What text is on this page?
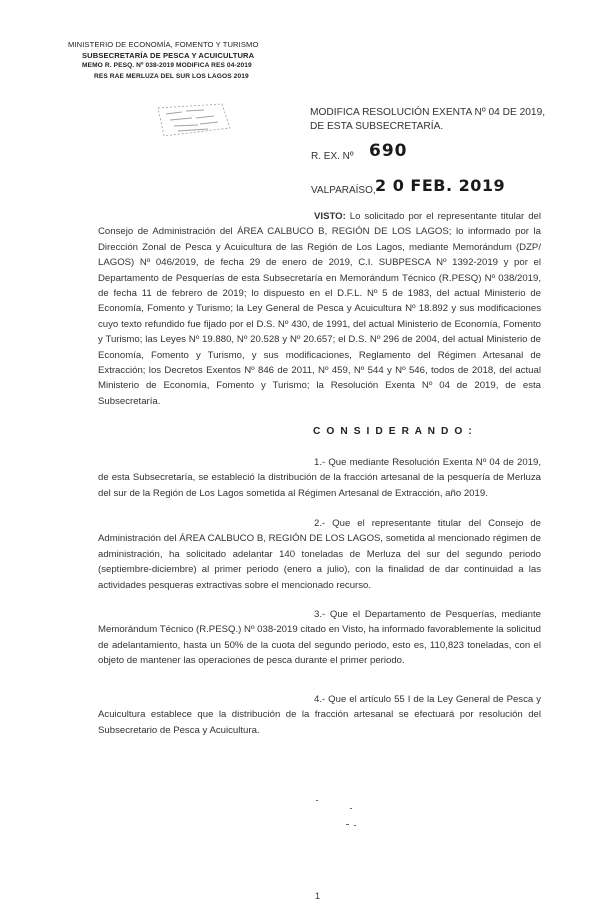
MINISTERIO DE ECONOMÍA, FOMENTO Y TURISMO
SUBSECRETARÍA DE PESCA Y ACUICULTURA
MEMO R. PESQ. Nº 038-2019 MODIFICA RES 04-2019
RES RAE MERLUZA DEL SUR LOS LAGOS 2019
MODIFICA RESOLUCIÓN EXENTA Nº 04 DE 2019, DE ESTA SUBSECRETARÍA.
R. EX. Nº 690
VALPARAÍSO, 2 0 FEB. 2019
VISTO: Lo solicitado por el representante titular del Consejo de Administración del ÁREA CALBUCO B, REGIÓN DE LOS LAGOS; lo informado por la Dirección Zonal de Pesca y Acuicultura de las Región de Los Lagos, mediante Memorándum (DZP/ LAGOS) Nº 046/2019, de fecha 29 de enero de 2019, C.I. SUBPESCA Nº 1392-2019 y por el Departamento de Pesquerías de esta Subsecretaría en Memorándum Técnico (R.PESQ) Nº 038/2019, de fecha 11 de febrero de 2019; lo dispuesto en el D.F.L. Nº 5 de 1983, del actual Ministerio de Economía, Fomento y Turismo; la Ley General de Pesca y Acuicultura Nº 18.892 y sus modificaciones cuyo texto refundido fue fijado por el D.S. Nº 430, de 1991, del actual Ministerio de Economía, Fomento y Turismo; las Leyes Nº 19.880, Nº 20.528 y Nº 20.657; el D.S. Nº 296 de 2004, del actual Ministerio de Economía, Fomento y Turismo, y sus modificaciones, Reglamento del Régimen Artesanal de Extracción; los Decretos Exentos Nº 846 de 2011, Nº 459, Nº 544 y Nº 546, todos de 2018, del actual Ministerio de Economía, Fomento y Turismo; la Resolución Exenta Nº 04 de 2019, de esta Subsecretaría.
C O N S I D E R A N D O :
1.- Que mediante Resolución Exenta Nº 04 de 2019, de esta Subsecretaría, se estableció la distribución de la fracción artesanal de la pesquería de Merluza del sur de la Región de Los Lagos sometida al Régimen Artesanal de Extracción, año 2019.
2.- Que el representante titular del Consejo de Administración del ÁREA CALBUCO B, REGIÓN DE LOS LAGOS, sometida al mencionado régimen de administración, ha solicitado adelantar 140 toneladas de Merluza del sur del segundo periodo (septiembre-diciembre) al primer periodo (enero a julio), con la finalidad de dar continuidad a las actividades pesqueras extractivas sobre el mencionado recurso.
3.- Que el Departamento de Pesquerías, mediante Memorándum Técnico (R.PESQ.) Nº 038-2019 citado en Visto, ha informado favorablemente la solicitud de adelantamiento, hasta un 50% de la cuota del segundo periodo, esto es, 110,823 toneladas, con el objeto de mantener las operaciones de pesca durante el primer periodo.
4.- Que el artículo 55 I de la Ley General de Pesca y Acuicultura establece que la distribución de la fracción artesanal se efectuará por resolución del Subsecretario de Pesca y Acuicultura.
1
